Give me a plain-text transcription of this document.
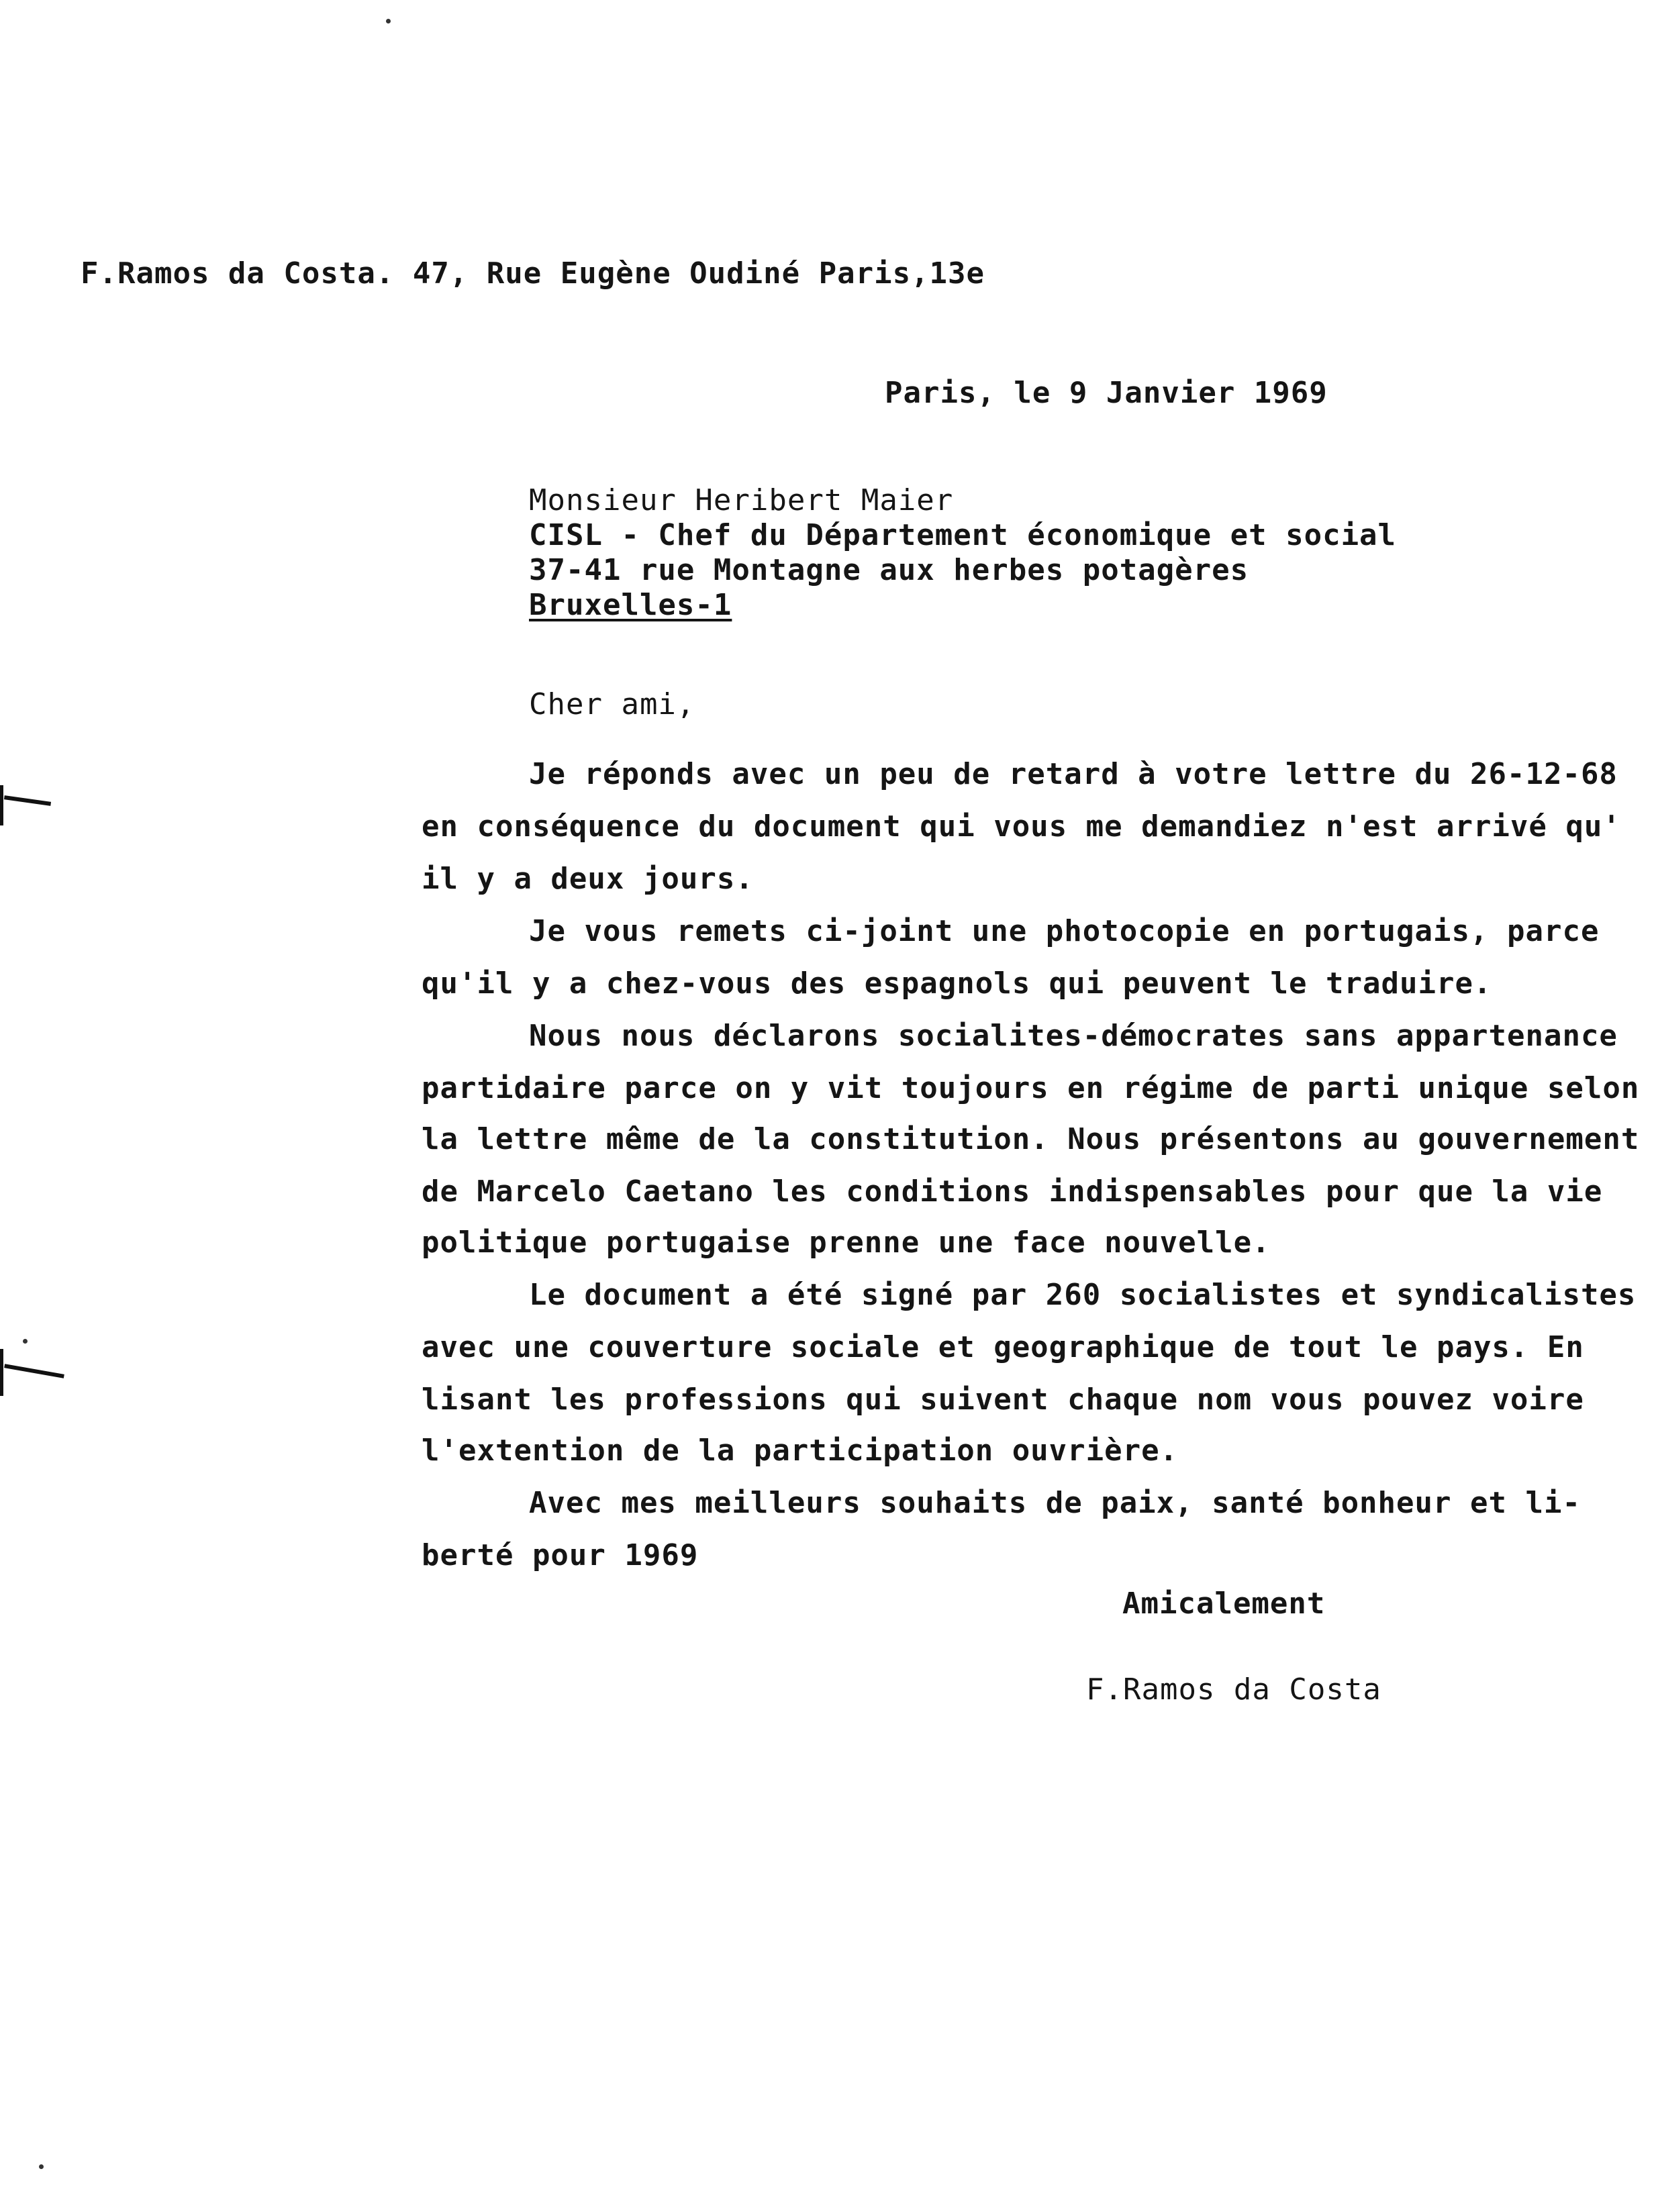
F.Ramos da Costa. 47, Rue Eugène Oudiné Paris,13e
Paris, le 9 Janvier 1969
Monsieur Heribert Maier
CISL - Chef du Département économique et social
37-41 rue Montagne aux herbes potagères
Bruxelles-1
Cher ami,
Je réponds avec un peu de retard à votre lettre du 26-12-68
en conséquence du document qui vous me demandiez n'est arrivé qu'
il y a deux jours.
Je vous remets ci-joint une photocopie en portugais, parce
qu'il y a chez-vous des espagnols qui peuvent le traduire.
Nous nous déclarons socialites-démocrates sans appartenance
partidaire parce on y vit toujours en régime de parti unique selon
la lettre même de la constitution. Nous présentons au gouvernement
de Marcelo Caetano les conditions indispensables pour que la vie
politique portugaise prenne une face nouvelle.
Le document a été signé par 260 socialistes et syndicalistes
avec une couverture sociale et geographique de tout le pays. En
lisant les professions qui suivent chaque nom vous pouvez voire
l'extention de la participation ouvrière.
Avec mes meilleurs souhaits de paix, santé bonheur et li-
berté pour 1969
Amicalement
F.Ramos da Costa
